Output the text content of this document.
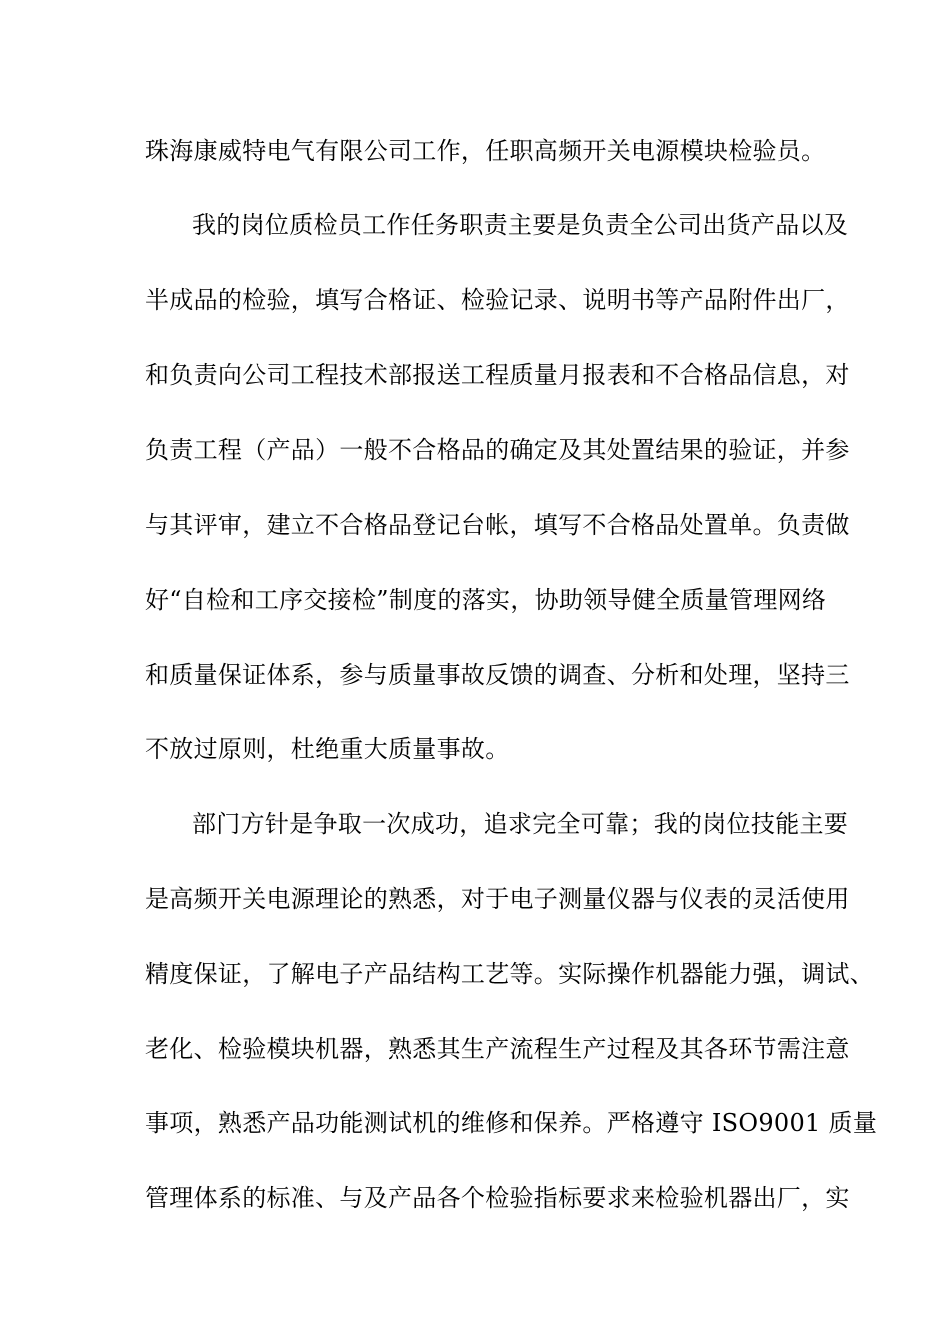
珠海康威特电气有限公司工作，任职高频开关电源模块检验员。
我的岗位质检员工作任务职责主要是负责全公司出货产品以及
半成品的检验，填写合格证、检验记录、说明书等产品附件出厂，
和负责向公司工程技术部报送工程质量月报表和不合格品信息，对
负责工程（产品）一般不合格品的确定及其处置结果的验证，并参
与其评审，建立不合格品登记台帐，填写不合格品处置单。负责做
好“自检和工序交接检”制度的落实，协助领导健全质量管理网络
和质量保证体系，参与质量事故反馈的调查、分析和处理，坚持三
不放过原则，杜绝重大质量事故。
部门方针是争取一次成功，追求完全可靠；我的岗位技能主要
是高频开关电源理论的熟悉，对于电子测量仪器与仪表的灵活使用
精度保证，了解电子产品结构工艺等。实际操作机器能力强，调试、
老化、检验模块机器，熟悉其生产流程生产过程及其各环节需注意
事项，熟悉产品功能测试机的维修和保养。严格遵守 ISO9001 质量
管理体系的标准、与及产品各个检验指标要求来检验机器出厂，实
